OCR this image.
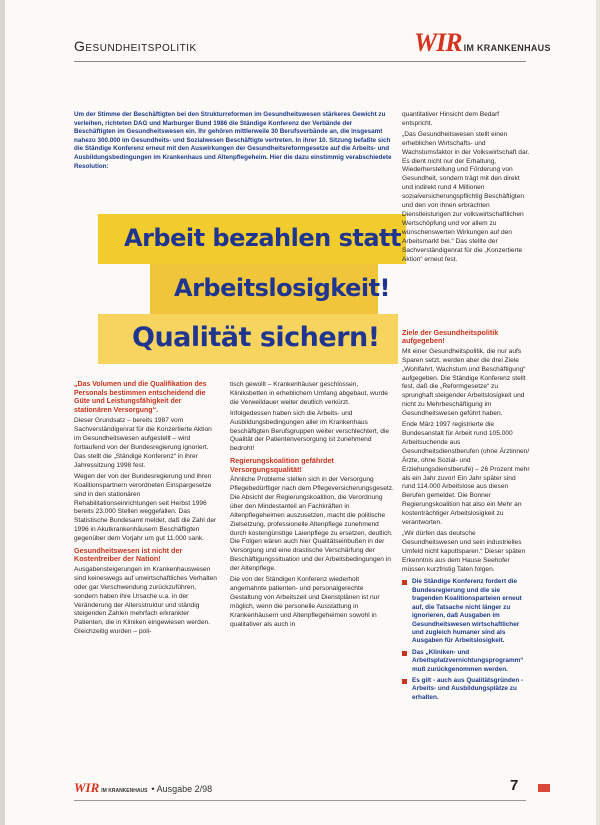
Gesundheitspolitik	WIR IM KRANKENHAUS
Um der Stimme der Beschäftigten bei den Strukturreformen im Gesundheitswesen stärkeres Gewicht zu verleihen, richteten DAG und Marburger Bund 1986 die Ständige Konferenz der Verbände der Beschäftigten im Gesundheitswesen ein. Ihr gehören mittlerweile 30 Berufsverbände an, die insgesamt nahezu 300.000 im Gesundheits- und Sozialwesen Beschäftigte vertreten. In ihrer 10. Sitzung befaßte sich die Ständige Konferenz erneut mit den Auswirkungen der Gesundheitsreformgesetze auf die Arbeits- und Ausbildungsbedingungen im Krankenhaus und Altenpflegeheim. Hier die dazu einstimmig verabschiedete Resolution:
Arbeit bezahlen statt
Arbeitslosigkeit!
Qualität sichern!

quantitativer Hinsicht dem Bedarf entspricht.

„Das Gesundheitswesen stellt einen erheblichen Wirtschafts- und Wachstumsfaktor in der Volkswirtschaft dar. Es dient nicht nur der Erhaltung, Wiederherstellung und Förderung von Gesundheit, sondern trägt mit den direkt und indirekt rund 4 Millionen sozialversicherungspflichtig Beschäftigten und den von ihnen erbrachten Dienstleistungen zur volkswirtschaftlichen Wertschöpfung und vor allem zu wünschenswerten Wirkungen auf den Arbeitsmarkt bei.“ Das stellte der Sachverständigenrat für die „Konzertierte Aktion“ erneut fest.

„Das Volumen und die Qualifikation des Personals bestimmen entscheidend die Güte und Leistungsfähigkeit der stationären Versorgung“.

Dieser Grundsatz – bereits 1987 vom Sachverständigenrat für die Konzertierte Aktion im Gesundheitswesen aufgestellt – wird fortlaufend von der Bundesregierung ignoriert. Das stellt die „Ständige Konferenz“ in ihrer Jahressitzung 1998 fest.

Wegen der von der Bundesregierung und ihren Koalitionspartnern verordneten Einspargesetze sind in den stationären Rehabilitationseinrichtungen seit Herbst 1996 bereits 23.000 Stellen weggefallen. Das Statistische Bundesamt meldet, daß die Zahl der 1996 in Akutkrankenhäusern Beschäftigten gegenüber dem Vorjahr um gut 11.000 sank.

Gesundheitswesen ist nicht der Kostentreiber der Nation!

Ausgabensteigerungen im Krankenhauswesen sind keineswegs auf unwirtschaftliches Verhalten oder gar Verschwendung zurückzuführen, sondern haben ihre Ursache u.a. in der Veränderung der Altersstruktur und ständig steigenden Zahlen mehrfach erkrankter Patienten, die in Kliniken eingewiesen werden. Gleichzeitig wurden – poli-

tisch gewollt – Krankenhäuser geschlossen, Kliniksbetten in erheblichem Umfang abgebaut, wurde die Verweildauer weiter deutlich verkürzt.

Infolgedessen haben sich die Arbeits- und Ausbildungsbedingungen aller im Krankenhaus beschäftigten Berufsgruppen weiter verschlechtert, die Qualität der Patientenversorgung ist zunehmend bedroht!

Regierungskoalition gefährdet Versorgungsqualität!

Ähnliche Probleme stellen sich in der Versorgung Pflegebedürftiger nach dem Pflegeversicherungsgesetz. Die Absicht der Regierungskoalition, die Verordnung über den Mindestanteil an Fachkräften in Altenpflegeheimen auszusetzen, macht die politische Zielsetzung, professionelle Altenpflege zunehmend durch kostengünstige Laienpflege zu ersetzen, deutlich. Die Folgen wären auch hier Qualitätseinbußen in der Versorgung und eine drastische Verschärfung der Beschäftigungssituation und der Arbeitsbedingungen in der Altenpflege.

Die von der Ständigen Konferenz wiederholt angemahnte patienten- und personalgerechte Gestaltung von Arbeitszeit und Dienstplänen ist nur möglich, wenn die personelle Ausstattung in Krankenhäusern und Altenpflegeheimen sowohl in qualitativer als auch in

Ziele der Gesundheitspolitik aufgegeben!

Mit einer Gesundheitspolitik, die nur aufs Sparen setzt, werden aber die drei Ziele „Wohlfahrt, Wachstum und Beschäftigung“ aufgegeben. Die Ständige Konferenz stellt fest, daß die „Reformgesetze“ zu sprunghaft steigender Arbeitslosigkeit und nicht zu Mehrbeschäftigung im Gesundheitswesen geführt haben.

Ende März 1997 registrierte die Bundesanstalt für Arbeit rund 105.000 Arbeitsuchende aus Gesundheitsdienstberufen (ohne Ärztinnen/Ärzte, ohne Sozial- und Erziehungsdienstberufe) – 26 Prozent mehr als ein Jahr zuvor! Ein Jahr später sind rund 114.000 Arbeitslose aus diesen Berufen gemeldet. Die Bonner Regierungskoalition hat also ein Mehr an kostenträchtiger Arbeitslosigkeit zu verantworten.

„Wir dürfen das deutsche Gesundheitswesen und sein industrielles Umfeld nicht kaputtsparen.“ Dieser späten Erkenntnis aus dem Hause Seehofer müssen kurzfristig Taten folgen.

Die Ständige Konferenz fordert die Bundesregierung und die sie tragenden Koalitionsparteien erneut auf, die Tatsache nicht länger zu ignorieren, daß Ausgaben im Gesundheitswesen wirtschaftlicher und zugleich humaner sind als Ausgaben für Arbeitslosigkeit.
Das „Kliniken- und Arbeitsplatzvernichtungsprogramm“ muß zurückgenommen werden.
Es gilt - auch aus Qualitätsgründen - Arbeits- und Ausbildungsplätze zu erhalten.
WIR IM KRANKENHAUS • Ausgabe 2/98	7
